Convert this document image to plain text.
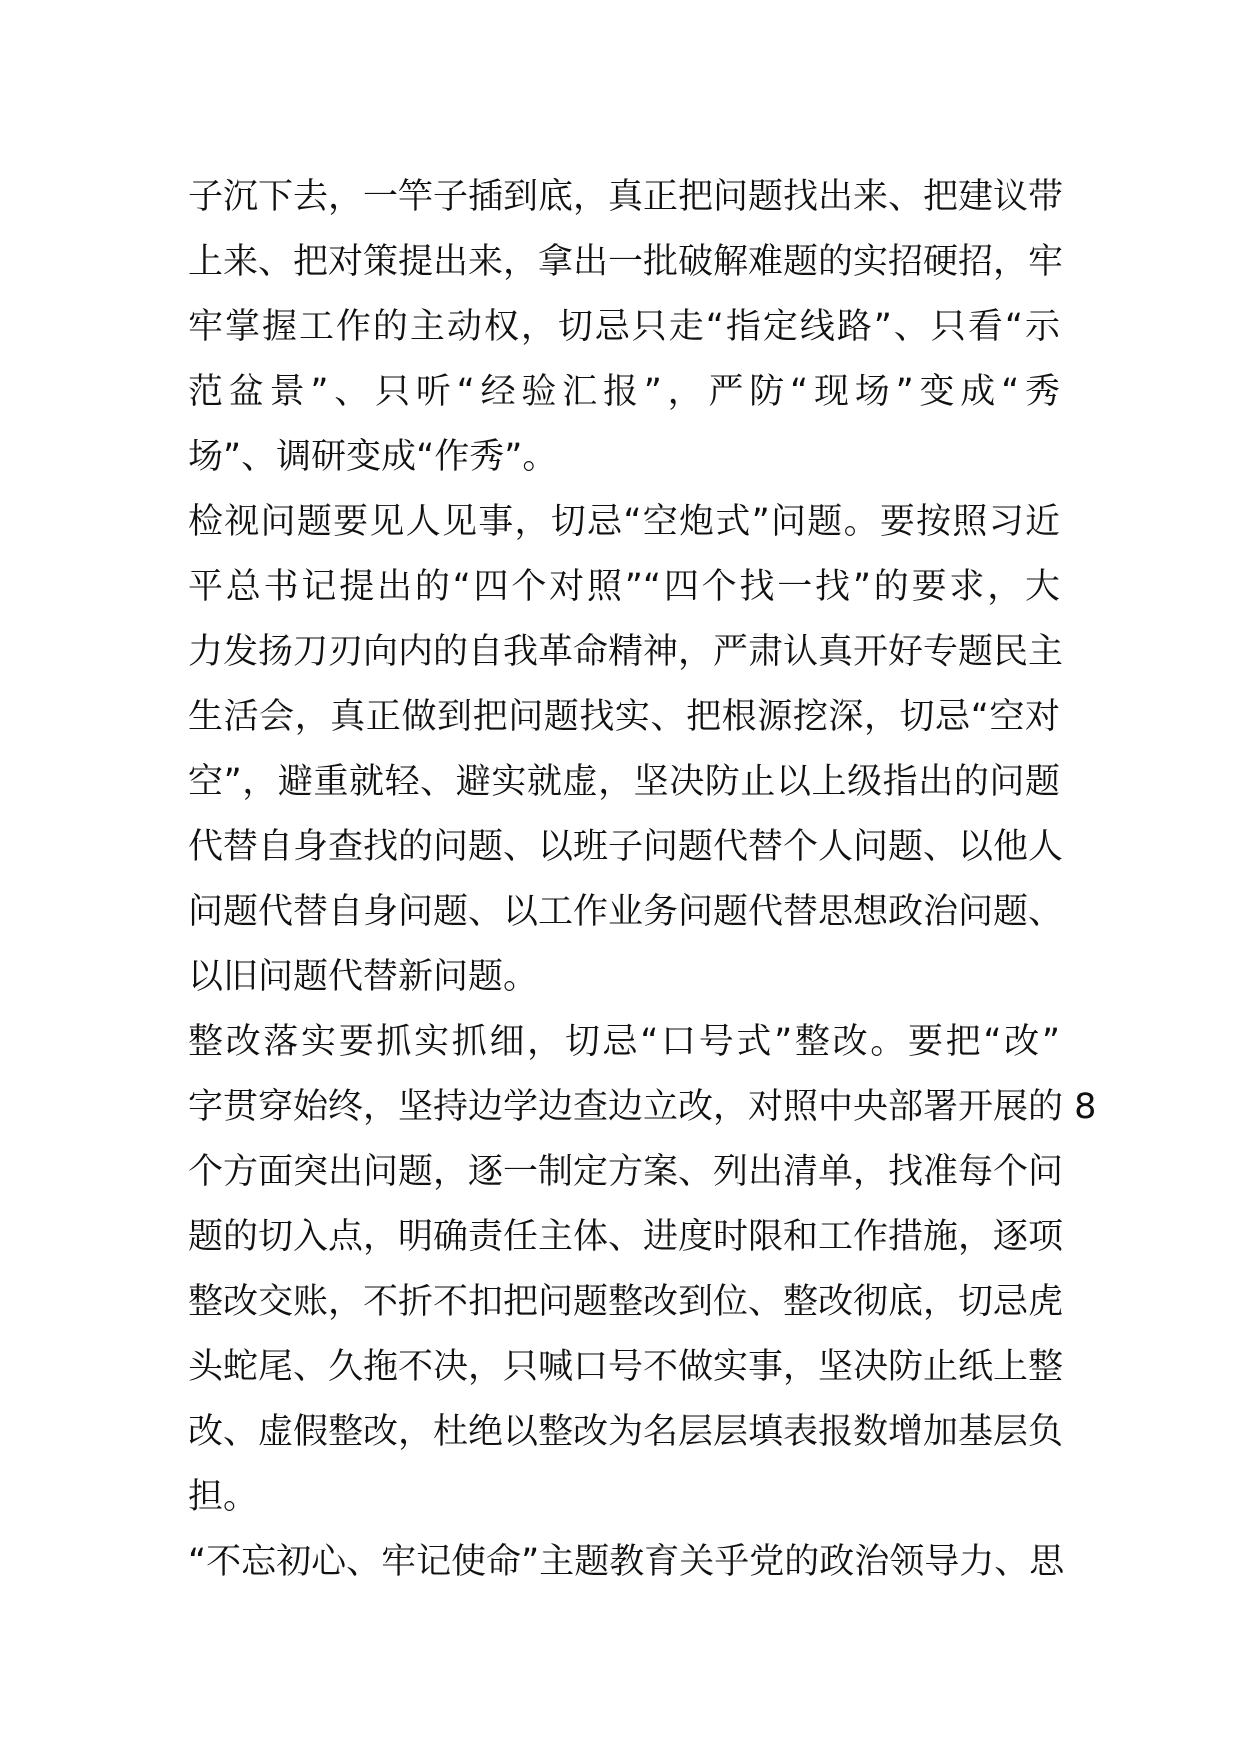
子沉下去，一竿子插到底，真正把问题找出来、把建议带
上来、把对策提出来，拿出一批破解难题的实招硬招，牢
牢掌握工作的主动权，切忌只走“指定线路”、只看“示
范盆景”、只听“经验汇报”，严防“现场”变成“秀
场”、调研变成“作秀”。
检视问题要见人见事，切忌“空炮式”问题。要按照习近
平总书记提出的“四个对照”“四个找一找”的要求，大
力发扬刀刃向内的自我革命精神，严肃认真开好专题民主
生活会，真正做到把问题找实、把根源挖深，切忌“空对
空”，避重就轻、避实就虚，坚决防止以上级指出的问题
代替自身查找的问题、以班子问题代替个人问题、以他人
问题代替自身问题、以工作业务问题代替思想政治问题、
以旧问题代替新问题。
整改落实要抓实抓细，切忌“口号式”整改。要把“改”
字贯穿始终，坚持边学边查边立改，对照中央部署开展的 8
个方面突出问题，逐一制定方案、列出清单，找准每个问
题的切入点，明确责任主体、进度时限和工作措施，逐项
整改交账，不折不扣把问题整改到位、整改彻底，切忌虎
头蛇尾、久拖不决，只喊口号不做实事，坚决防止纸上整
改、虚假整改，杜绝以整改为名层层填表报数增加基层负
担。
“不忘初心、牢记使命”主题教育关乎党的政治领导力、思
